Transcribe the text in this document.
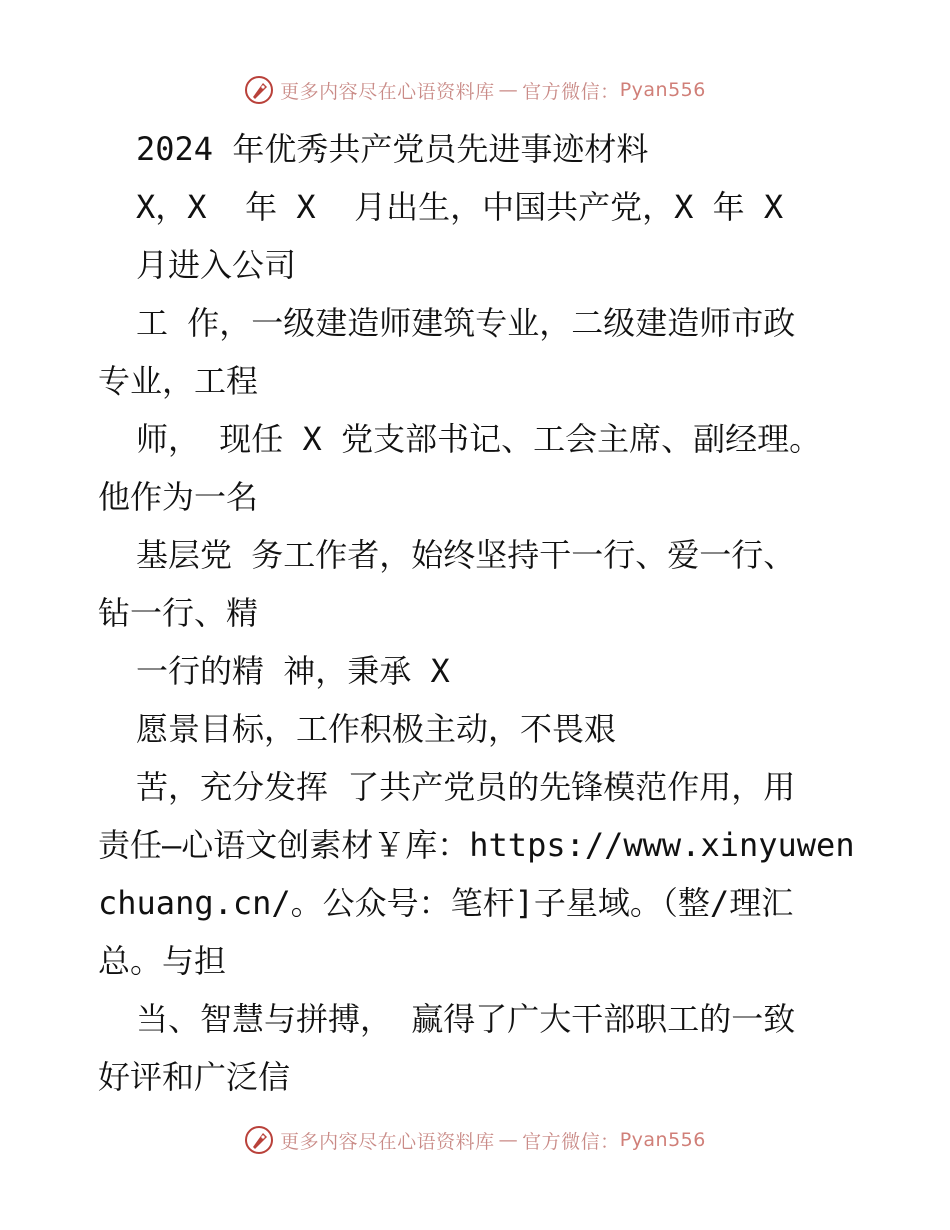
更多内容尽在心语资料库 — 官方微信： Pyan556
2024 年优秀共产党员先进事迹材料
X，X  年 X  月出生，中国共产党，X 年 X
月进入公司
工 作，一级建造师建筑专业，二级建造师市政
专业，工程
师， 现任 X 党支部书记、工会主席、副经理。
他作为一名
基层党 务工作者，始终坚持干一行、爱一行、
钻一行、精
一行的精 神，秉承 X
愿景目标，工作积极主动，不畏艰
苦，充分发挥 了共产党员的先锋模范作用，用
责任—心语文创素材￥库：https://www.xinyuwen
chuang.cn/。公众号：笔杆]子星域。（整/理汇
总。与担
当、智慧与拼搏， 赢得了广大干部职工的一致
好评和广泛信
更多内容尽在心语资料库 — 官方微信： Pyan556
